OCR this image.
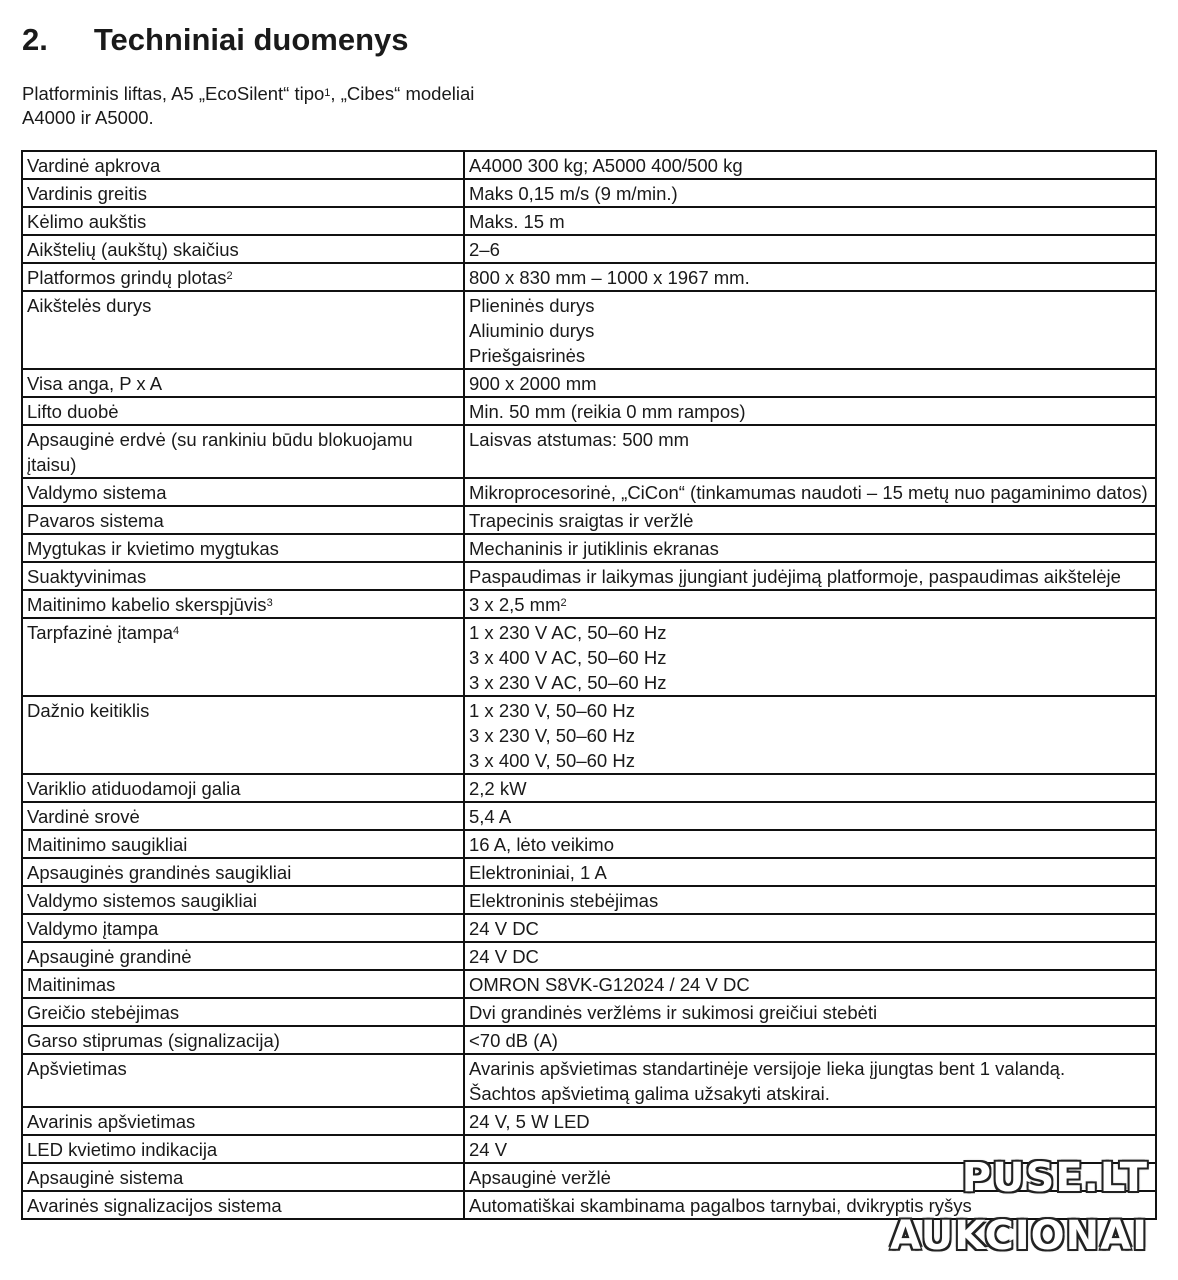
2. Techniniai duomenys

Platforminis liftas, A5 „EcoSilent“ tipo$^1$, „Cibes“ modeliai
A4000 ir A5000.

Vardinė apkrova	A4000 300 kg; A5000 400/500 kg

Vardinis greitis	Maks 0,15 m/s (9 m/min.)

Kėlimo aukštis	Maks. 15 m

Aikštelių (aukštų) skaičius	2–6

Platformos grindų plotas$^2$	800 x 830 mm – 1000 x 1967 mm.

Aikštelės durys	Plieninės durys
Aliuminio durys
Priešgaisrinės

Visa anga, P x A	900 x 2000 mm

Lifto duobė	Min. 50 mm (reikia 0 mm rampos)

Apsauginė erdvė (su rankiniu būdu blokuojamu įtaisu)	Laisvas atstumas: 500 mm

Valdymo sistema	Mikroprocesorinė, „CiCon“ (tinkamumas naudoti – 15 metų nuo pagaminimo datos)

Pavaros sistema	Trapecinis sraigtas ir veržlė

Mygtukas ir kvietimo mygtukas	Mechaninis ir jutiklinis ekranas

Suaktyvinimas	Paspaudimas ir laikymas įjungiant judėjimą platformoje, paspaudimas aikštelėje

Maitinimo kabelio skerspjūvis$^3$	3 x 2,5 $mm^2$

Tarpfazinė įtampa$^4$	1 x 230 V AC, 50–60 Hz
3 x 400 V AC, 50–60 Hz
3 x 230 V AC, 50–60 Hz

Dažnio keitiklis	1 x 230 V, 50–60 Hz
3 x 230 V, 50–60 Hz
3 x 400 V, 50–60 Hz

Variklio atiduodamoji galia	2,2 kW

Vardinė srovė	5,4 A

Maitinimo saugikliai	16 A, lėto veikimo

Apsauginės grandinės saugikliai	Elektroniniai, 1 A

Valdymo sistemos saugikliai	Elektroninis stebėjimas

Valdymo įtampa	24 V DC

Apsauginė grandinė	24 V DC

Maitinimas	OMRON S8VK-G12024 / 24 V DC

Greičio stebėjimas	Dvi grandinės veržlėms ir sukimosi greičiui stebėti

Garso stiprumas (signalizacija)	<70 dB (A)

Apšvietimas	Avarinis apšvietimas standartinėje versijoje lieka įjungtas bent 1 valandą.
Šachtos apšvietimą galima užsakyti atskirai.

Avarinis apšvietimas	24 V, 5 W LED

LED kvietimo indikacija	24 V

Apsauginė sistema	Apsauginė veržlė

Avarinės signalizacijos sistema	Automatiškai skambinama pagalbos tarnybai, dvikryptis ryšys
PUSE.LT
AUKCIONAI
